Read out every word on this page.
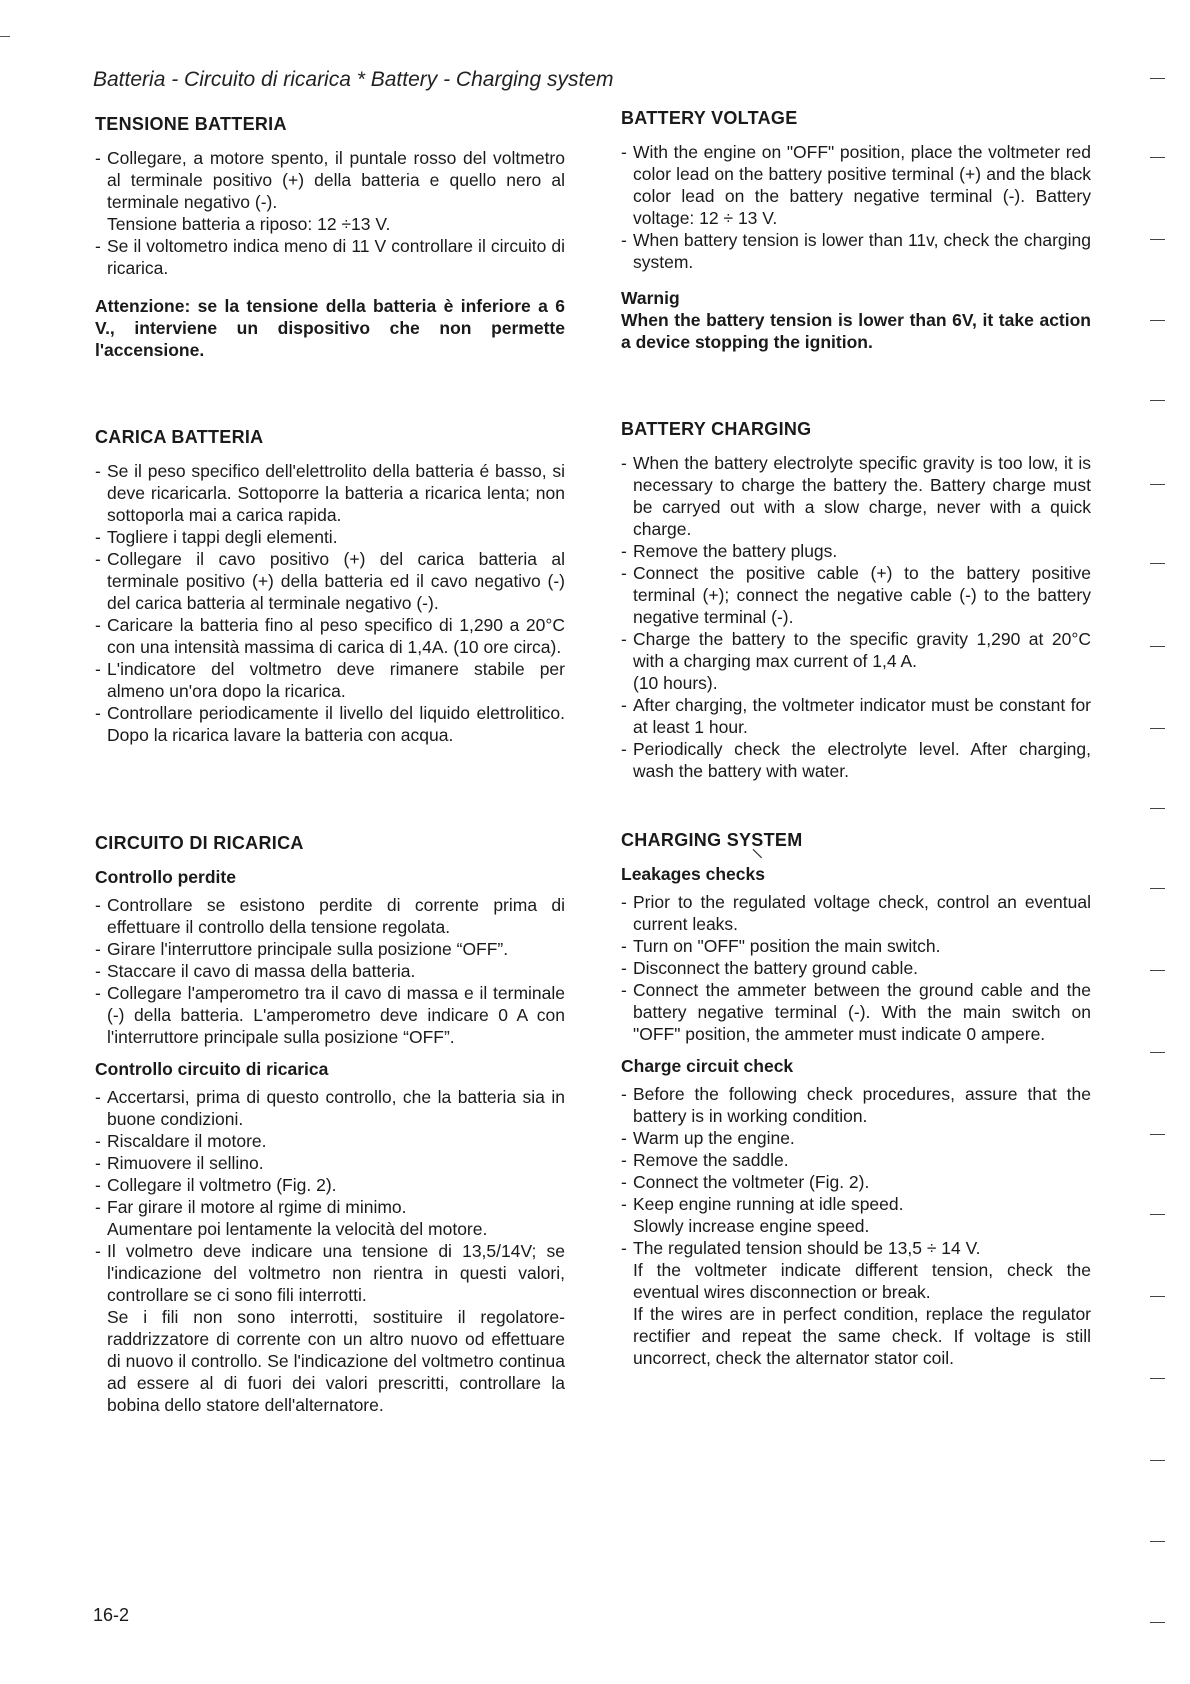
Batteria - Circuito di ricarica * Battery - Charging system
TENSIONE BATTERIA
- Collegare, a motore spento, il puntale rosso del voltmetro al terminale positivo (+) della batteria e quello nero al terminale negativo (-).
Tensione batteria a riposo: 12 ÷13 V.
- Se il voltometro indica meno di 11 V controllare il circuito di ricarica.
Attenzione: se la tensione della batteria è inferiore a 6 V., interviene un dispositivo che non permette l'accensione.
CARICA BATTERIA
- Se il peso specifico dell'elettrolito della batteria é basso, si deve ricaricarla. Sottoporre la batteria a ricarica lenta; non sottoporla mai a carica rapida.
- Togliere i tappi degli elementi.
- Collegare il cavo positivo (+) del carica batteria al terminale positivo (+) della batteria ed il cavo negativo (-) del carica batteria al terminale negativo (-).
- Caricare la batteria fino al peso specifico di 1,290 a 20°C con una intensità massima di carica di 1,4A. (10 ore circa).
- L'indicatore del voltmetro deve rimanere stabile per almeno un'ora dopo la ricarica.
- Controllare periodicamente il livello del liquido elettrolitico. Dopo la ricarica lavare la batteria con acqua.
CIRCUITO DI RICARICA
Controllo perdite
- Controllare se esistono perdite di corrente prima di effettuare il controllo della tensione regolata.
- Girare l'interruttore principale sulla posizione “OFF”.
- Staccare il cavo di massa della batteria.
- Collegare l'amperometro tra il cavo di massa e il terminale (-) della batteria. L'amperometro deve indicare 0 A con l'interruttore principale sulla posizione “OFF”.
Controllo circuito di ricarica
- Accertarsi, prima di questo controllo, che la batteria sia in buone condizioni.
- Riscaldare il motore.
- Rimuovere il sellino.
- Collegare il voltmetro (Fig. 2).
- Far girare il motore al rgime di minimo.
Aumentare poi lentamente la velocità del motore.
- Il volmetro deve indicare una tensione di 13,5/14V; se l'indicazione del voltmetro non rientra in questi valori, controllare se ci sono fili interrotti.
Se i fili non sono interrotti, sostituire il regolatore-raddrizzatore di corrente con un altro nuovo od effettuare di nuovo il controllo. Se l'indicazione del voltmetro continua ad essere al di fuori dei valori prescritti, controllare la bobina dello statore dell'alternatore.
BATTERY VOLTAGE
- With the engine on "OFF" position, place the voltmeter red color lead on the battery positive terminal (+) and the black color lead on the battery negative terminal (-). Battery voltage: 12 ÷ 13 V.
- When battery tension is lower than 11v, check the charging system.
Warnig
When the battery tension is lower than 6V, it take action a device stopping the ignition.
BATTERY CHARGING
- When the battery electrolyte specific gravity is too low, it is necessary to charge the battery the. Battery charge must be carryed out with a slow charge, never with a quick charge.
- Remove the battery plugs.
- Connect the positive cable (+) to the battery positive terminal (+); connect the negative cable (-) to the battery negative terminal (-).
- Charge the battery to the specific gravity 1,290 at 20°C with a charging max current of 1,4 A.
(10 hours).
- After charging, the voltmeter indicator must be constant for at least 1 hour.
- Periodically check the electrolyte level. After charging, wash the battery with water.
CHARGING SYSTEM
Leakages checks
- Prior to the regulated voltage check, control an eventual current leaks.
- Turn on "OFF" position the main switch.
- Disconnect the battery ground cable.
- Connect the ammeter between the ground cable and the battery negative terminal (-). With the main switch on "OFF" position, the ammeter must indicate 0 ampere.
Charge circuit check
- Before the following check procedures, assure that the battery is in working condition.
- Warm up the engine.
- Remove the saddle.
- Connect the voltmeter (Fig. 2).
- Keep engine running at idle speed.
Slowly increase engine speed.
- The regulated tension should be 13,5 ÷ 14 V.
If the voltmeter indicate different tension, check the eventual wires disconnection or break.
If the wires are in perfect condition, replace the regulator rectifier and repeat the same check. If voltage is still uncorrect, check the alternator stator coil.
\
16-2
